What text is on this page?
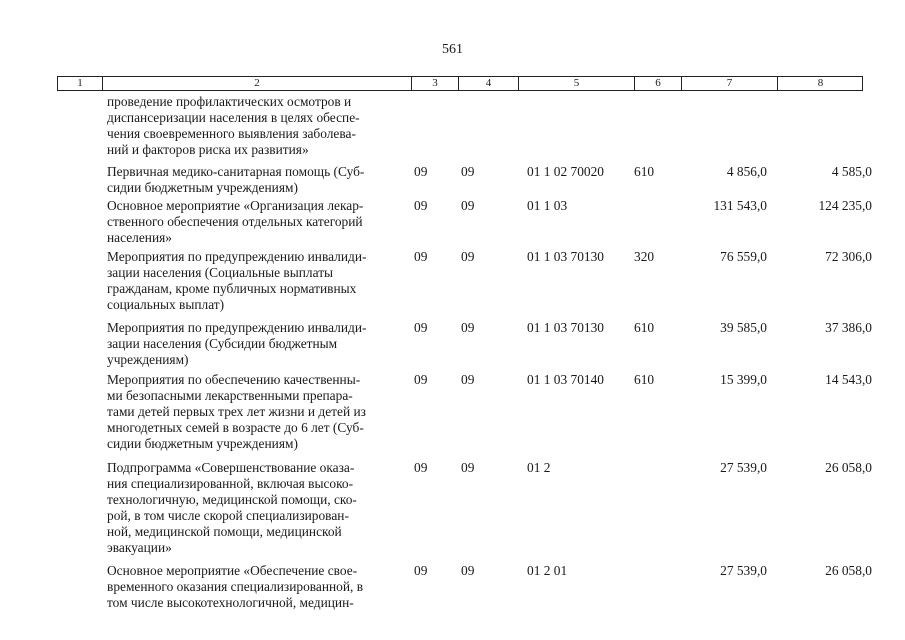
561
1	2	3	4	5	6	7	8
проведение профилактических осмотров и
диспансеризации населения в целях обеспе-
чения своевременного выявления заболева-
ний и факторов риска их развития»
Первичная медико-санитарная помощь (Суб-
сидии бюджетным учреждениям)
09	09	01 1 02 70020 610	4 856,0	4 585,0
Основное мероприятие «Организация лекар-
ственного обеспечения отдельных категорий
населения»
09	09	01 1 03	131 543,0	124 235,0
Мероприятия по предупреждению инвалиди-
зации населения (Социальные выплаты
гражданам, кроме публичных нормативных
социальных выплат)
09	09	01 1 03 70130 320	76 559,0	72 306,0
Мероприятия по предупреждению инвалиди-
зации населения (Субсидии бюджетным
учреждениям)
09	09	01 1 03 70130 610	39 585,0	37 386,0
Мероприятия по обеспечению качественны-
ми безопасными лекарственными препара-
тами детей первых трех лет жизни и детей из
многодетных семей в возрасте до 6 лет (Суб-
сидии бюджетным учреждениям)
09	09	01 1 03 70140 610	15 399,0	14 543,0
Подпрограмма «Совершенствование оказа-
ния специализированной, включая высоко-
технологичную, медицинской помощи, ско-
рой, в том числе скорой специализирован-
ной, медицинской помощи, медицинской
эвакуации»
09	09	01 2	27 539,0	26 058,0
Основное мероприятие «Обеспечение свое-
временного оказания специализированной, в
том числе высокотехнологичной, медицин-
09	09	01 2 01	27 539,0	26 058,0
